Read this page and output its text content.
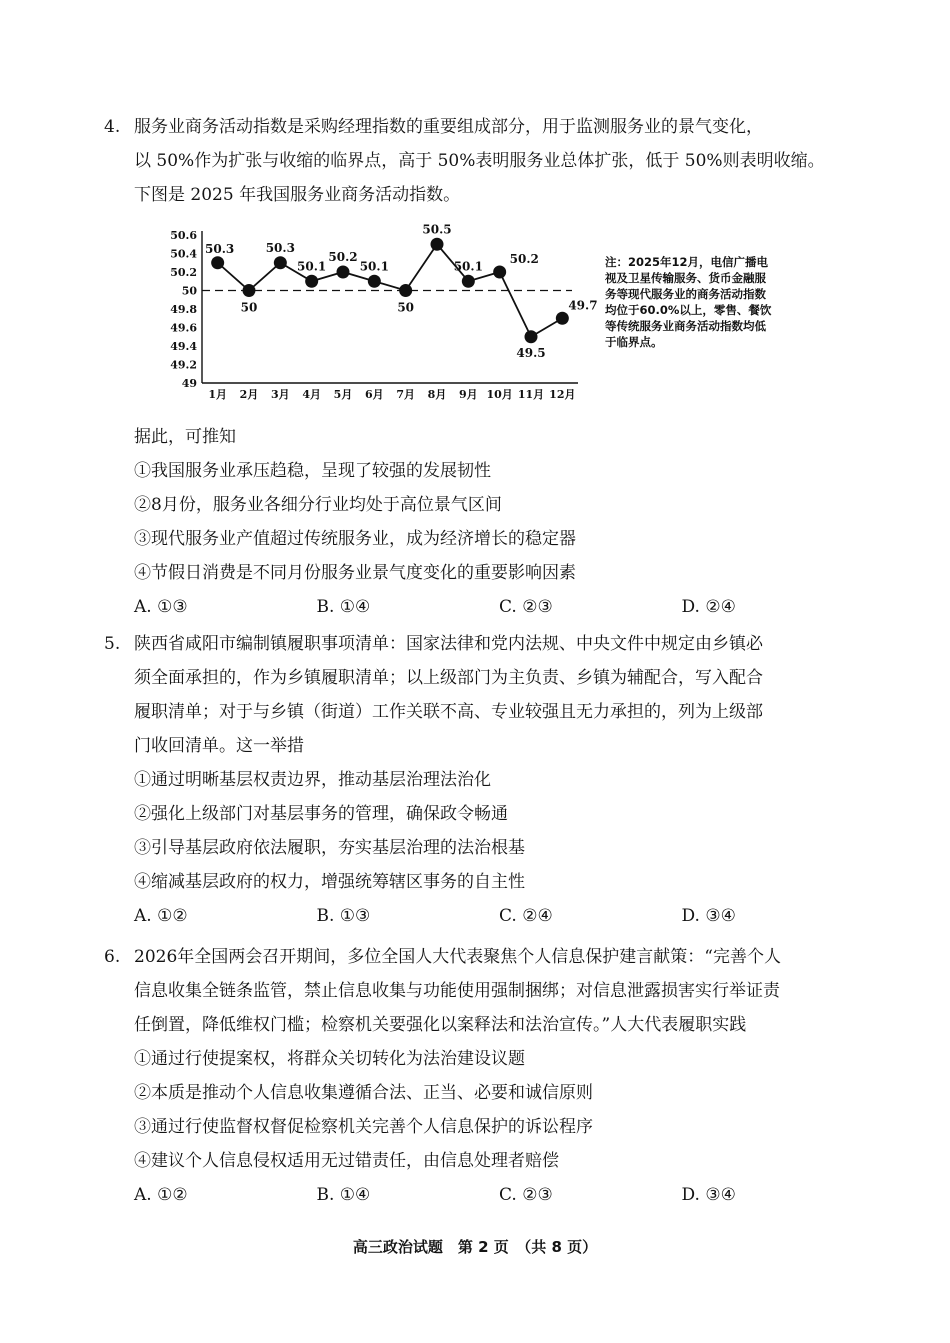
4. 服务业商务活动指数是采购经理指数的重要组成部分，用于监测服务业的景气变化，

以 50%作为扩张与收缩的临界点，高于 50%表明服务业总体扩张，低于 50%则表明收缩。

下图是 2025 年我国服务业商务活动指数。

49
49.2
49.4
49.6
49.8
50
50.2
50.4
50.6
1月 2月 3月 4月 5月 6月 7月 8月 9月 10月 11月 12月
50.3
50
50.3
50.1
50.2
50.1
50
50.5
50.1
50.2
49.5
49.7
注：2025年12月，电信广播电视及卫星传输服务、货币金融服务等现代服务业的商务活动指数均位于60.0%以上，零售、餐饮等传统服务业商务活动指数均低于临界点。

据此，可推知

①我国服务业承压趋稳，呈现了较强的发展韧性

②8月份，服务业各细分行业均处于高位景气区间

③现代服务业产值超过传统服务业，成为经济增长的稳定器

④节假日消费是不同月份服务业景气度变化的重要影响因素

A. ①③	B. ①④	C. ②③	D. ②④
5. 陕西省咸阳市编制镇履职事项清单：国家法律和党内法规、中央文件中规定由乡镇必

须全面承担的，作为乡镇履职清单；以上级部门为主负责、乡镇为辅配合，写入配合

履职清单；对于与乡镇（街道）工作关联不高、专业较强且无力承担的，列为上级部

门收回清单。这一举措

①通过明晰基层权责边界，推动基层治理法治化

②强化上级部门对基层事务的管理，确保政令畅通

③引导基层政府依法履职，夯实基层治理的法治根基

④缩减基层政府的权力，增强统筹辖区事务的自主性

A. ①②	B. ①③	C. ②④	D. ③④
6. 2026年全国两会召开期间，多位全国人大代表聚焦个人信息保护建言献策：“完善个人

信息收集全链条监管，禁止信息收集与功能使用强制捆绑；对信息泄露损害实行举证责

任倒置，降低维权门槛；检察机关要强化以案释法和法治宣传。”人大代表履职实践

①通过行使提案权，将群众关切转化为法治建设议题

②本质是推动个人信息收集遵循合法、正当、必要和诚信原则

③通过行使监督权督促检察机关完善个人信息保护的诉讼程序

④建议个人信息侵权适用无过错责任，由信息处理者赔偿

A. ①②	B. ①④	C. ②③	D. ③④
高三政治试题　第 2 页　（共 8 页）
